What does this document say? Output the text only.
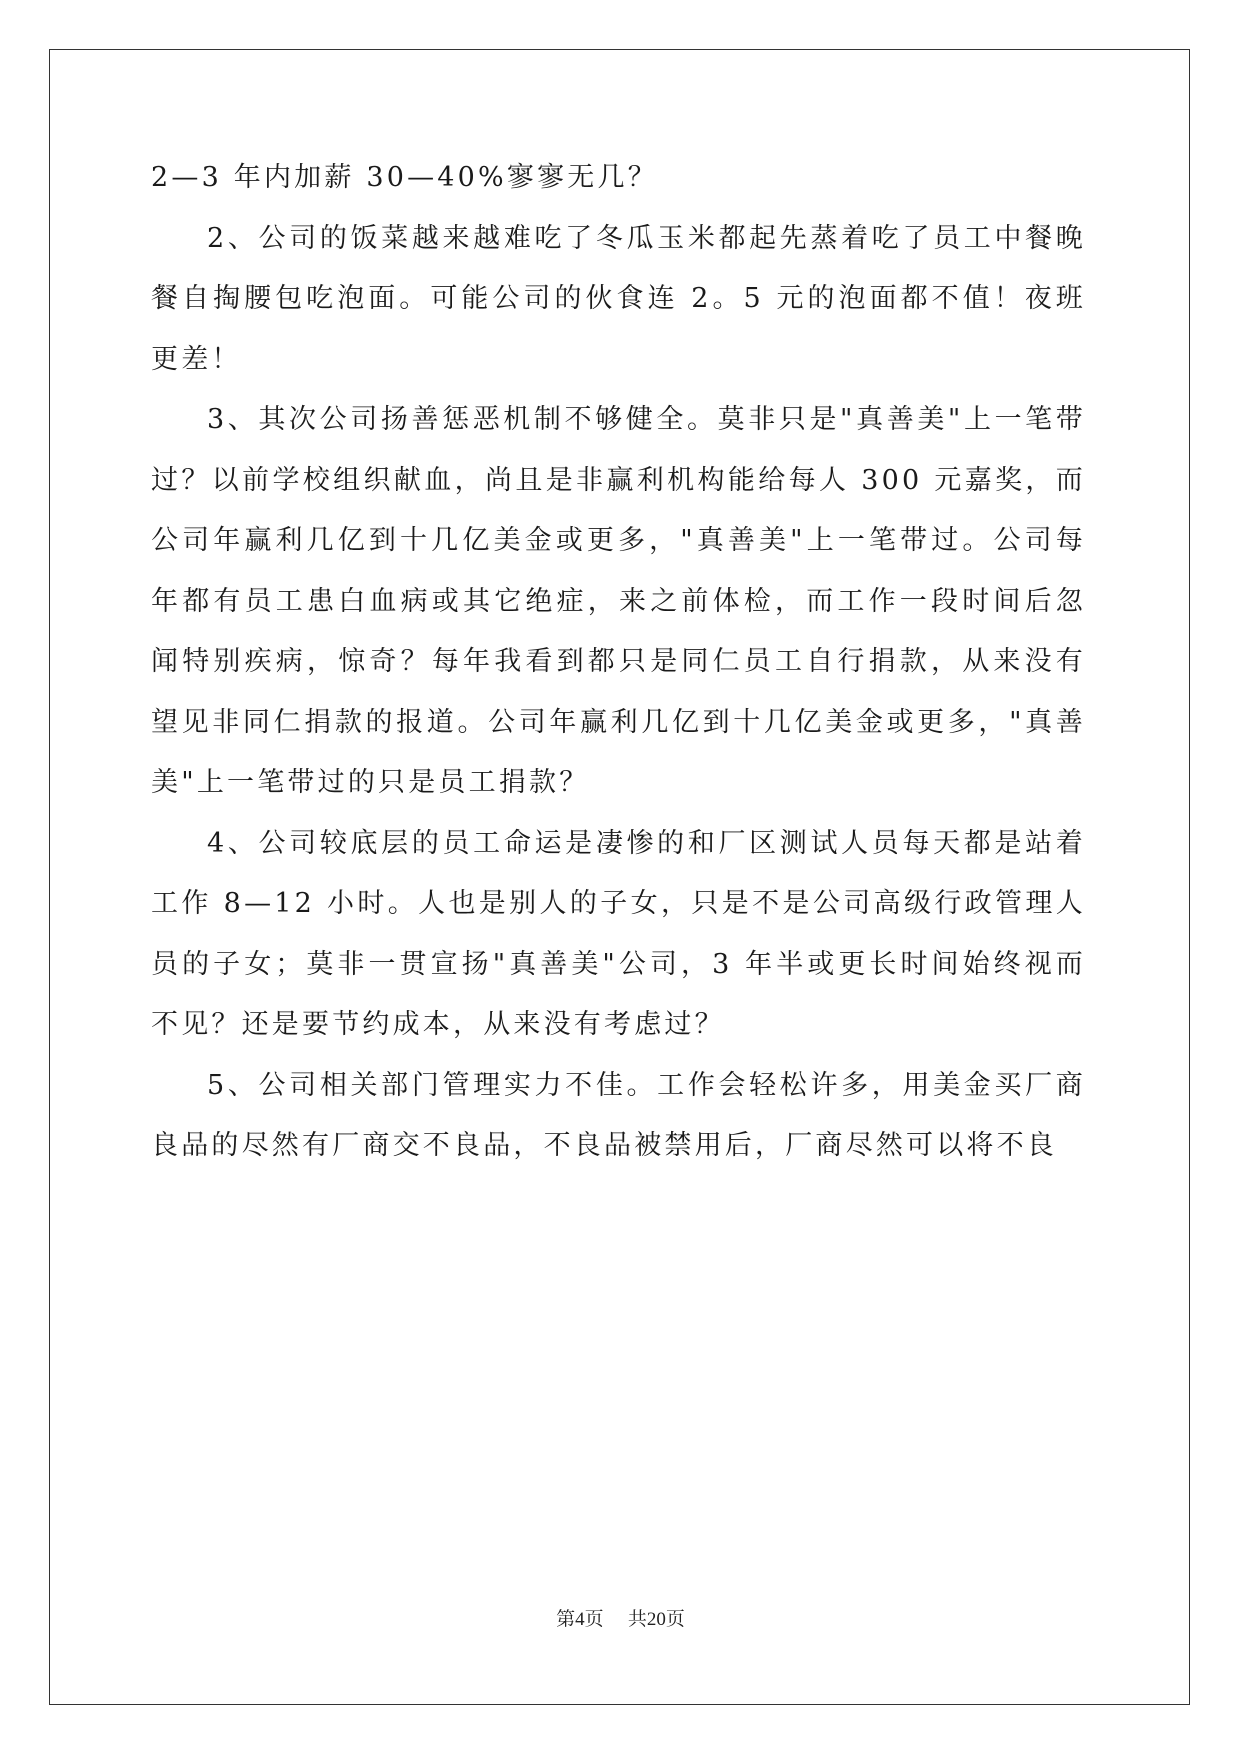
2—3 年内加薪 30—40%寥寥无几？

2、公司的饭菜越来越难吃了冬瓜玉米都起先蒸着吃了员工中餐晚餐自掏腰包吃泡面。可能公司的伙食连 2。5 元的泡面都不值！夜班更差！

3、其次公司扬善惩恶机制不够健全。莫非只是"真善美"上一笔带过？以前学校组织献血，尚且是非赢利机构能给每人 300 元嘉奖，而公司年赢利几亿到十几亿美金或更多，"真善美"上一笔带过。公司每年都有员工患白血病或其它绝症，来之前体检，而工作一段时间后忽闻特别疾病，惊奇？每年我看到都只是同仁员工自行捐款，从来没有望见非同仁捐款的报道。公司年赢利几亿到十几亿美金或更多，"真善美"上一笔带过的只是员工捐款？

4、公司较底层的员工命运是凄惨的和厂区测试人员每天都是站着工作 8—12 小时。人也是别人的子女，只是不是公司高级行政管理人员的子女；莫非一贯宣扬"真善美"公司，3 年半或更长时间始终视而不见？还是要节约成本，从来没有考虑过？

5、公司相关部门管理实力不佳。工作会轻松许多，用美金买厂商良品的尽然有厂商交不良品，不良品被禁用后，厂商尽然可以将不良

第4页    共20页
